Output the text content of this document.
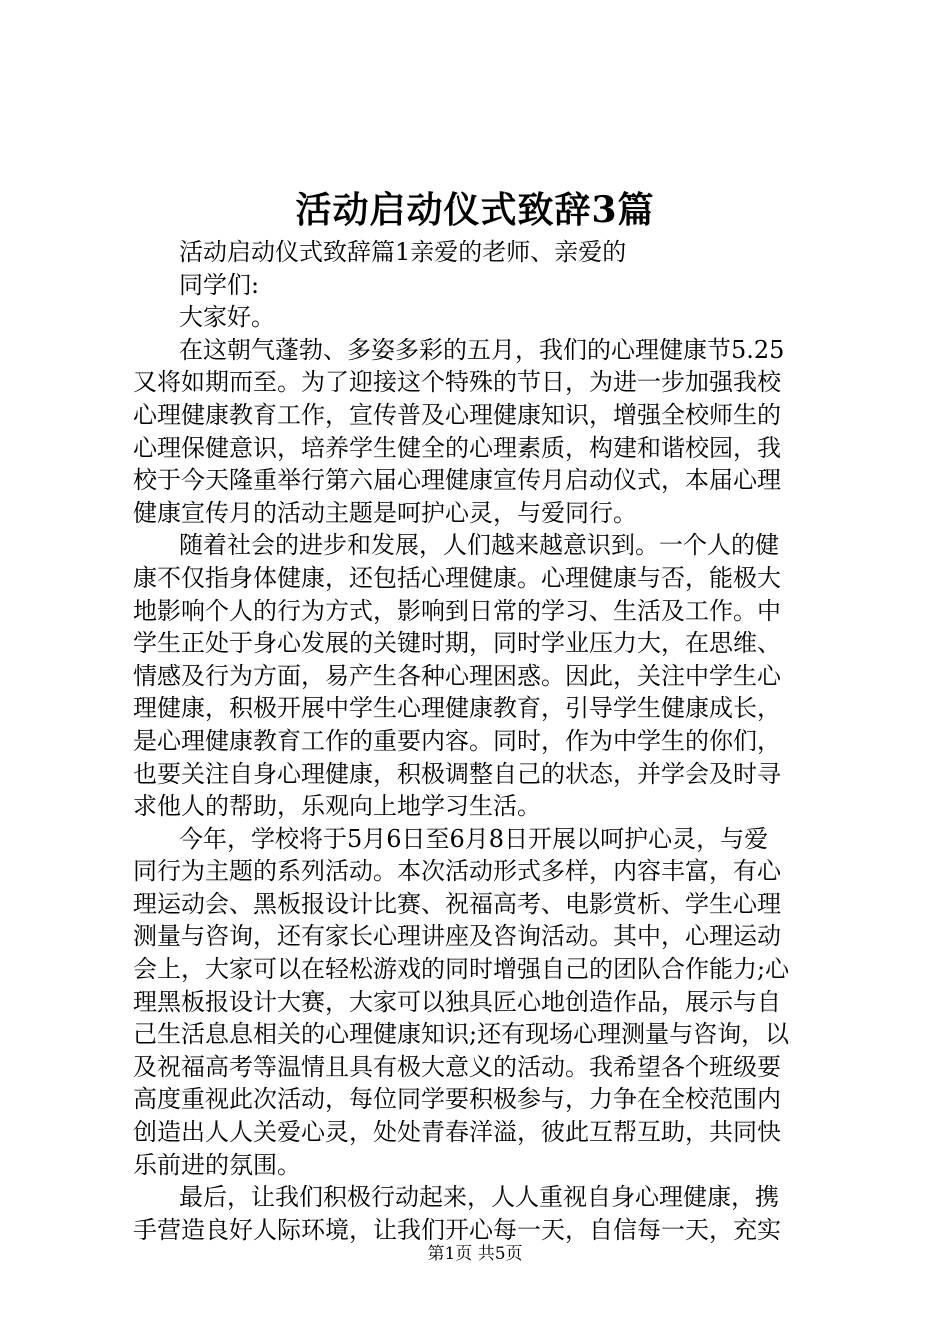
活动启动仪式致辞3篇

活动启动仪式致辞篇1亲爱的老师、亲爱的

同学们:

大家好。

在这朝气蓬勃、多姿多彩的五月，我们的心理健康节5.25

又将如期而至。为了迎接这个特殊的节日，为进一步加强我校

心理健康教育工作，宣传普及心理健康知识，增强全校师生的

心理保健意识，培养学生健全的心理素质，构建和谐校园，我

校于今天隆重举行第六届心理健康宣传月启动仪式，本届心理

健康宣传月的活动主题是呵护心灵，与爱同行。

随着社会的进步和发展，人们越来越意识到。一个人的健

康不仅指身体健康，还包括心理健康。心理健康与否，能极大

地影响个人的行为方式，影响到日常的学习、生活及工作。中

学生正处于身心发展的关键时期，同时学业压力大，在思维、

情感及行为方面，易产生各种心理困惑。因此，关注中学生心

理健康，积极开展中学生心理健康教育，引导学生健康成长，

是心理健康教育工作的重要内容。同时，作为中学生的你们，

也要关注自身心理健康，积极调整自己的状态，并学会及时寻

求他人的帮助，乐观向上地学习生活。

今年，学校将于5月6日至6月8日开展以呵护心灵，与爱

同行为主题的系列活动。本次活动形式多样，内容丰富，有心

理运动会、黑板报设计比赛、祝福高考、电影赏析、学生心理

测量与咨询，还有家长心理讲座及咨询活动。其中，心理运动

会上，大家可以在轻松游戏的同时增强自己的团队合作能力;心

理黑板报设计大赛，大家可以独具匠心地创造作品，展示与自

己生活息息相关的心理健康知识;还有现场心理测量与咨询，以

及祝福高考等温情且具有极大意义的活动。我希望各个班级要

高度重视此次活动，每位同学要积极参与，力争在全校范围内

创造出人人关爱心灵，处处青春洋溢，彼此互帮互助，共同快

乐前进的氛围。

最后，让我们积极行动起来，人人重视自身心理健康，携

手营造良好人际环境，让我们开心每一天，自信每一天，充实

第1页 共5页
